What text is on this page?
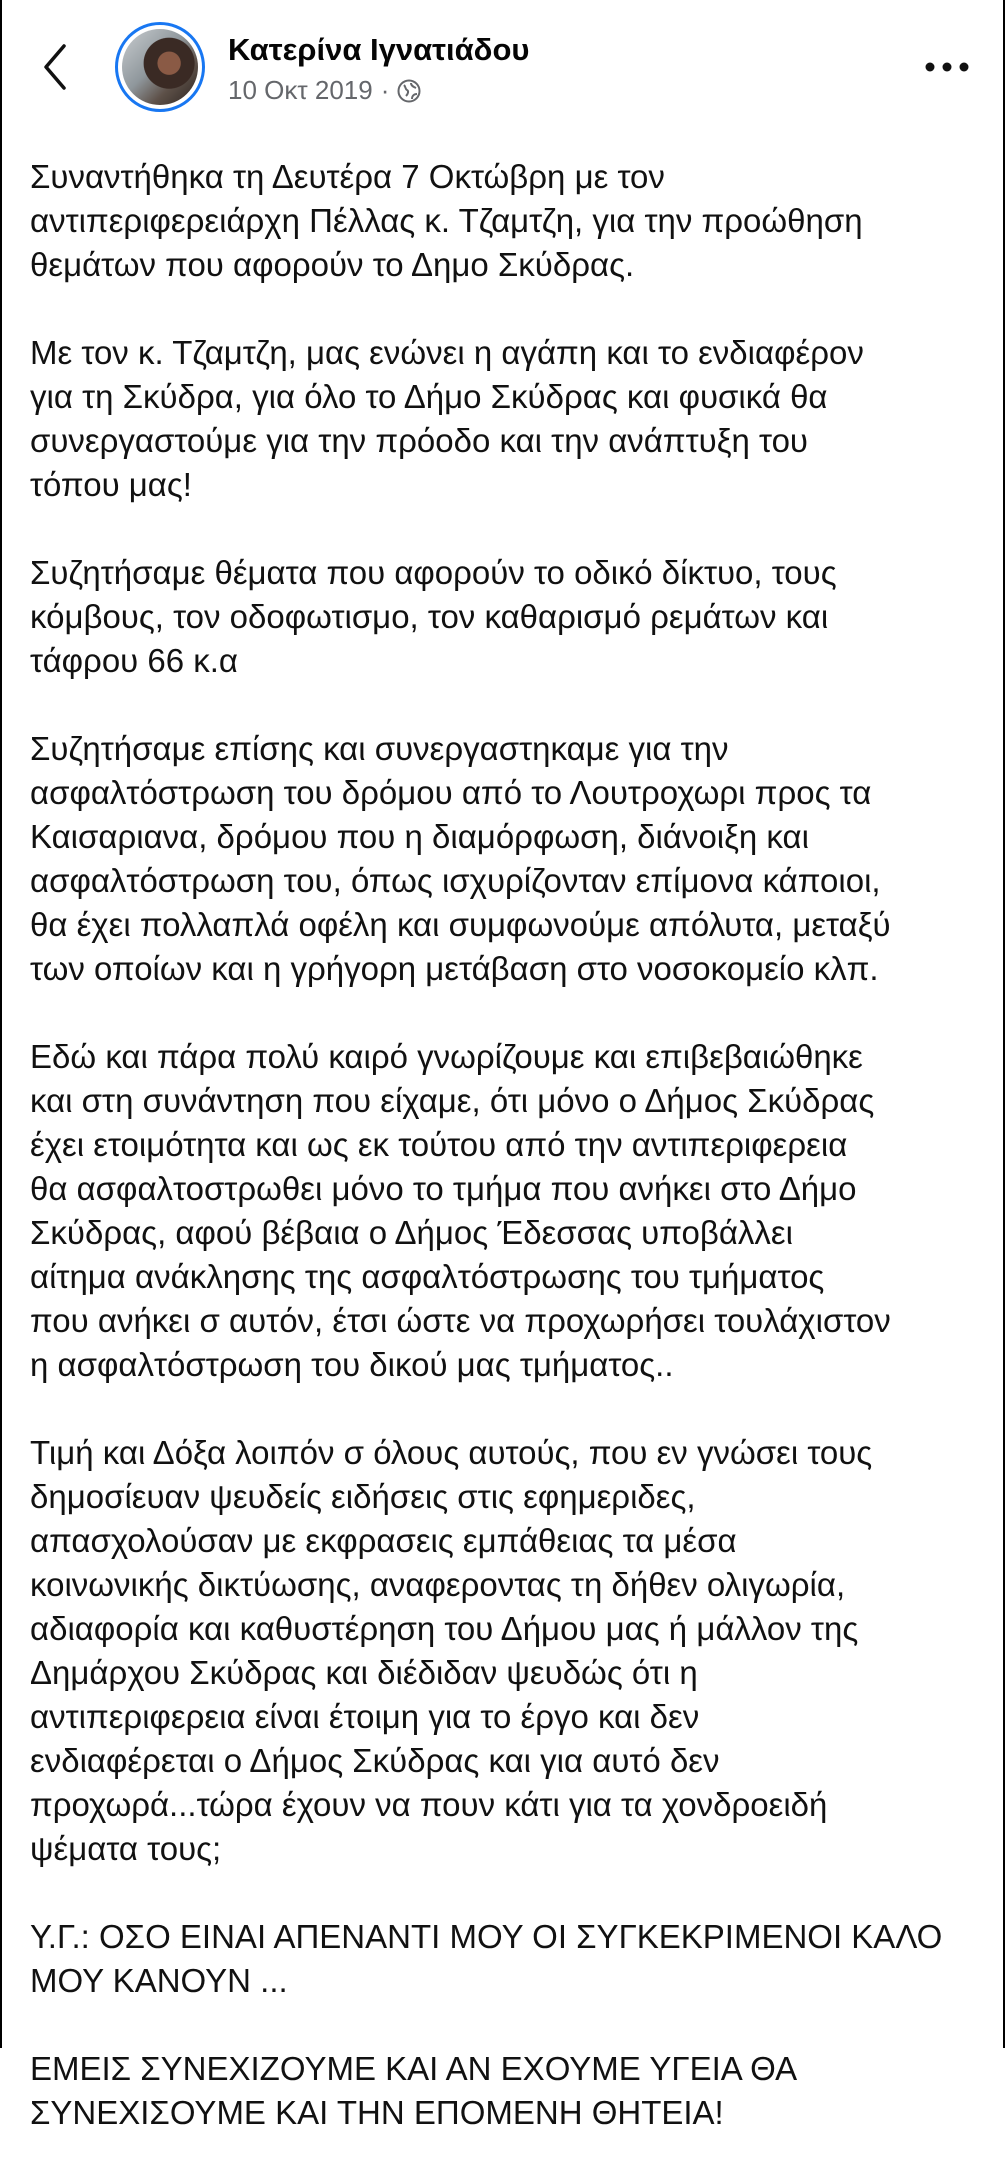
Κατερίνα Ιγνατιάδου
10 Οκτ 2019 ·
Συναντήθηκα τη Δευτέρα 7 Οκτώβρη με τον
αντιπεριφερειάρχη Πέλλας κ. Τζαμτζη, για την προώθηση
θεμάτων που αφορούν το Δημο Σκύδρας.
Με τον κ. Τζαμτζη, μας ενώνει η αγάπη και το ενδιαφέρον
για τη Σκύδρα, για όλο το Δήμο Σκύδρας και φυσικά θα
συνεργαστούμε για την πρόοδο και την ανάπτυξη του
τόπου μας!
Συζητήσαμε θέματα που αφορούν το οδικό δίκτυο, τους
κόμβους, τον οδοφωτισμο, τον καθαρισμό ρεμάτων και
τάφρου 66 κ.α
Συζητήσαμε επίσης και συνεργαστηκαμε για την
ασφαλτόστρωση του δρόμου από το Λουτροχωρι προς τα
Καισαριανα, δρόμου που η διαμόρφωση, διάνοιξη και
ασφαλτόστρωση του, όπως ισχυρίζονταν επίμονα κάποιοι,
θα έχει πολλαπλά οφέλη και συμφωνούμε απόλυτα, μεταξύ
των οποίων και η γρήγορη μετάβαση στο νοσοκομείο κλπ.
Εδώ και πάρα πολύ καιρό γνωρίζουμε και επιβεβαιώθηκε
και στη συνάντηση που είχαμε, ότι μόνο ο Δήμος Σκύδρας
έχει ετοιμότητα και ως εκ τούτου από την αντιπεριφερεια
θα ασφαλτοστρωθει μόνο το τμήμα που ανήκει στο Δήμο
Σκύδρας, αφού βέβαια ο Δήμος Έδεσσας υποβάλλει
αίτημα ανάκλησης της ασφαλτόστρωσης του τμήματος
που ανήκει σ αυτόν, έτσι ώστε να προχωρήσει τουλάχιστον
η ασφαλτόστρωση του δικού μας τμήματος..
Τιμή και Δόξα λοιπόν σ όλους αυτούς, που εν γνώσει τους
δημοσίευαν ψευδείς ειδήσεις στις εφημεριδες,
απασχολούσαν με εκφρασεις εμπάθειας τα μέσα
κοινωνικής δικτύωσης, αναφεροντας τη δήθεν ολιγωρία,
αδιαφορία και καθυστέρηση του Δήμου μας ή μάλλον της
Δημάρχου Σκύδρας και διέδιδαν ψευδώς ότι η
αντιπεριφερεια είναι έτοιμη για το έργο και δεν
ενδιαφέρεται ο Δήμος Σκύδρας και για αυτό δεν
προχωρά...τώρα έχουν να πουν κάτι για τα χονδροειδή
ψέματα τους;
Υ.Γ.: ΟΣΟ ΕΙΝΑΙ ΑΠΕΝΑΝΤΙ ΜΟΥ ΟΙ ΣΥΓΚΕΚΡΙΜΕΝΟΙ ΚΑΛΟ
ΜΟΥ ΚΑΝΟΥΝ ...
ΕΜΕΙΣ ΣΥΝΕΧΙΖΟΥΜΕ ΚΑΙ ΑΝ ΕΧΟΥΜΕ ΥΓΕΙΑ ΘΑ
ΣΥΝΕΧΙΣΟΥΜΕ ΚΑΙ ΤΗΝ ΕΠΟΜΕΝΗ ΘΗΤΕΙΑ!
